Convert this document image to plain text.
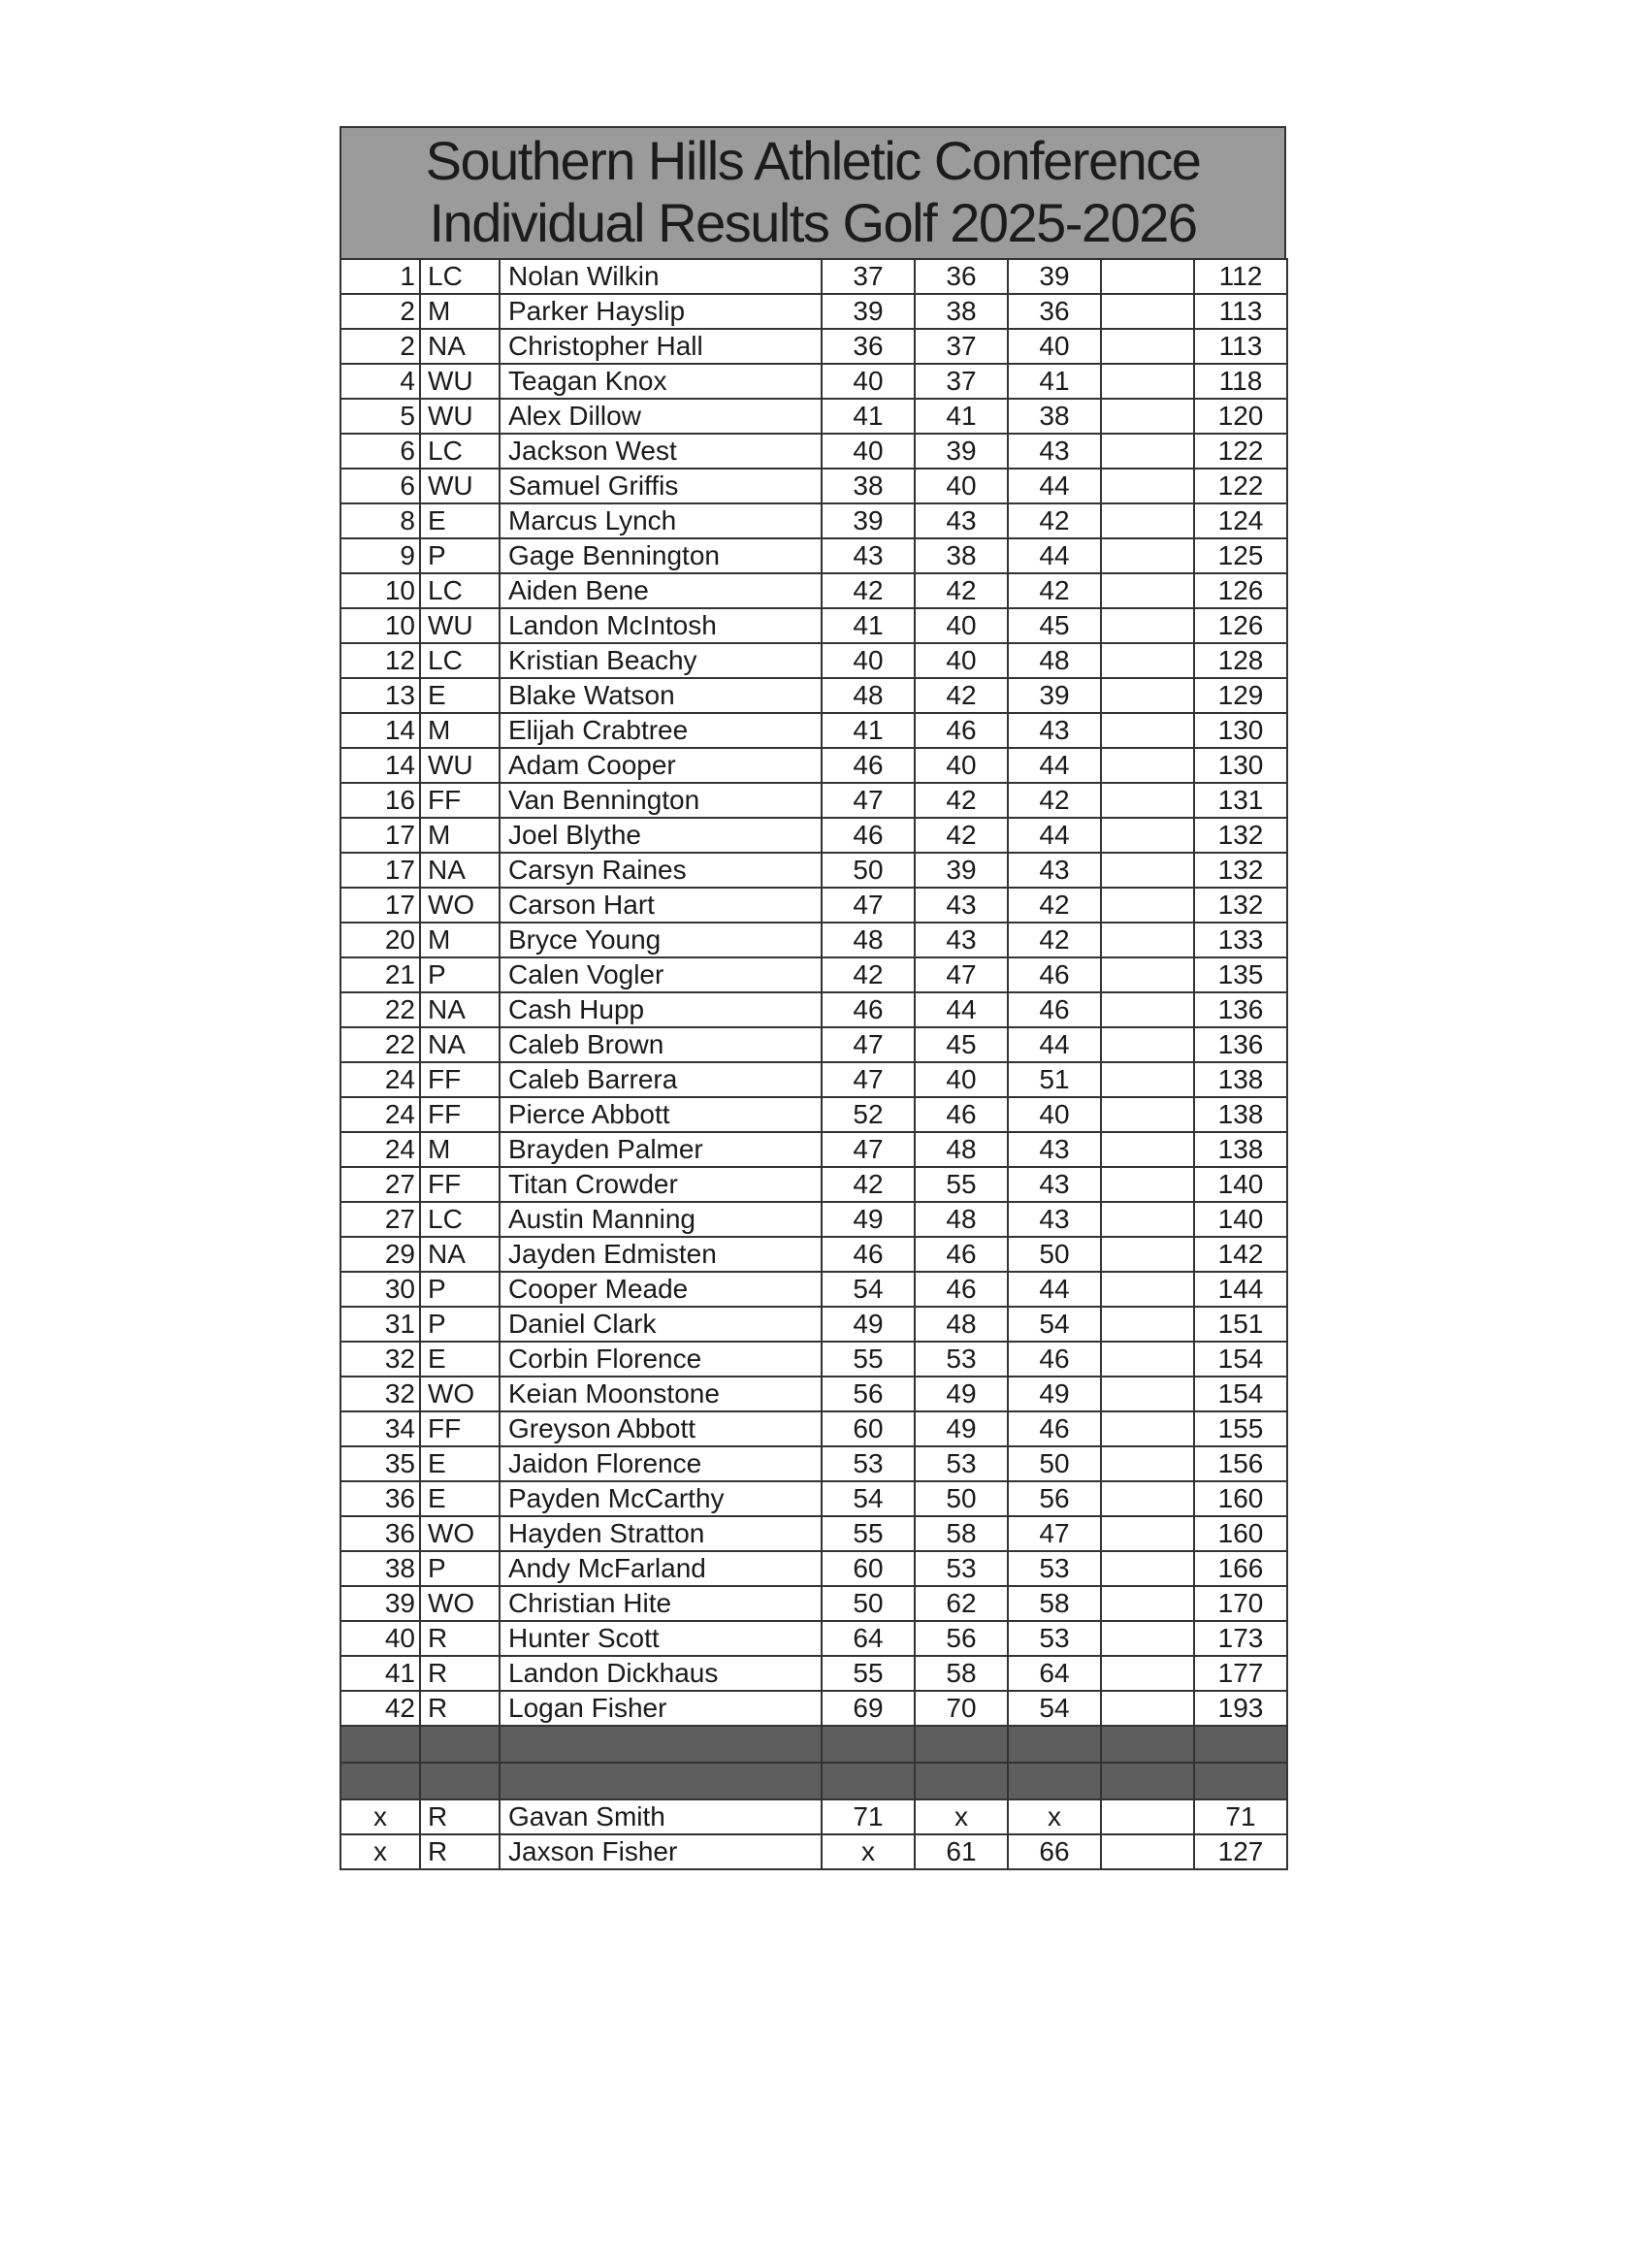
Southern Hills Athletic Conference
Individual Results Golf 2025-2026
1	LC	Nolan Wilkin	37	36	39		112
2	M	Parker Hayslip	39	38	36		113
2	NA	Christopher Hall	36	37	40		113
4	WU	Teagan Knox	40	37	41		118
5	WU	Alex Dillow	41	41	38		120
6	LC	Jackson West	40	39	43		122
6	WU	Samuel Griffis	38	40	44		122
8	E	Marcus Lynch	39	43	42		124
9	P	Gage Bennington	43	38	44		125
10	LC	Aiden Bene	42	42	42		126
10	WU	Landon McIntosh	41	40	45		126
12	LC	Kristian Beachy	40	40	48		128
13	E	Blake Watson	48	42	39		129
14	M	Elijah Crabtree	41	46	43		130
14	WU	Adam Cooper	46	40	44		130
16	FF	Van Bennington	47	42	42		131
17	M	Joel Blythe	46	42	44		132
17	NA	Carsyn Raines	50	39	43		132
17	WO	Carson Hart	47	43	42		132
20	M	Bryce Young	48	43	42		133
21	P	Calen Vogler	42	47	46		135
22	NA	Cash Hupp	46	44	46		136
22	NA	Caleb Brown	47	45	44		136
24	FF	Caleb Barrera	47	40	51		138
24	FF	Pierce Abbott	52	46	40		138
24	M	Brayden Palmer	47	48	43		138
27	FF	Titan Crowder	42	55	43		140
27	LC	Austin Manning	49	48	43		140
29	NA	Jayden Edmisten	46	46	50		142
30	P	Cooper Meade	54	46	44		144
31	P	Daniel Clark	49	48	54		151
32	E	Corbin Florence	55	53	46		154
32	WO	Keian Moonstone	56	49	49		154
34	FF	Greyson Abbott	60	49	46		155
35	E	Jaidon Florence	53	53	50		156
36	E	Payden McCarthy	54	50	56		160
36	WO	Hayden Stratton	55	58	47		160
38	P	Andy McFarland	60	53	53		166
39	WO	Christian Hite	50	62	58		170
40	R	Hunter Scott	64	56	53		173
41	R	Landon Dickhaus	55	58	64		177
42	R	Logan Fisher	69	70	54		193

x	R	Gavan Smith	71	x	x		71
x	R	Jaxson Fisher	x	61	66		127
